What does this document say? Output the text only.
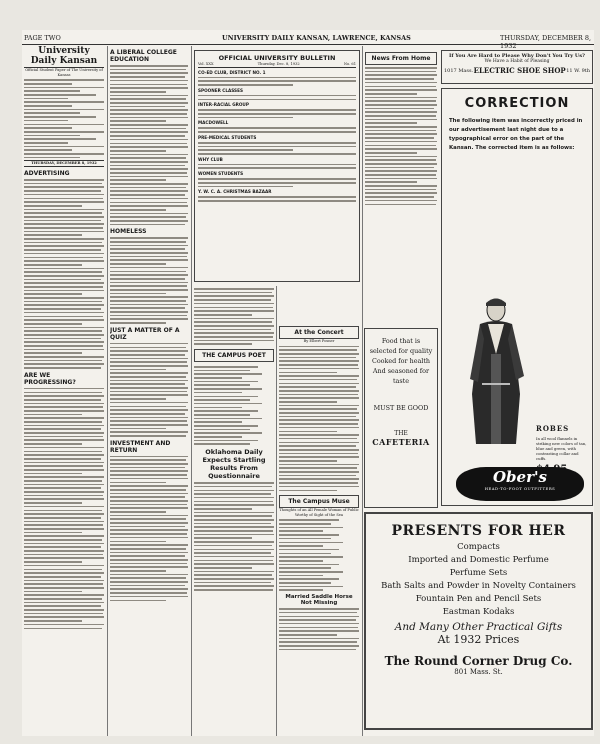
PAGE TWO	UNIVERSITY DAILY KANSAN, LAWRENCE, KANSAS	THURSDAY, DECEMBER 8, 1932
University Daily Kansan
Official Student Paper of The University of Kansas
THURSDAY, DECEMBER 8, 1932
ADVERTISING
ARE WE PROGRESSING?
A LIBERAL COLLEGE EDUCATION
HOMELESS
JUST A MATTER OF A QUIZ
INVESTMENT AND RETURN
OFFICIAL UNIVERSITY BULLETIN
Vol. XXX	Thursday, Dec. 8, 1932	No. 61
CO-ED CLUB, DISTRICT NO. 1
SPOONER CLASSES
INTER-RACIAL GROUP
MACDOWELL
PRE-MEDICAL STUDENTS
WHY CLUB
WOMEN STUDENTS
Y. W. C. A. CHRISTMAS BAZAAR
THE CAMPUS POET
Oklahoma Daily Expects Startling Results From Questionnaire
At the Concert
By Elbert Posner
The Campus Muse
Thoughts of an All Female Woman of Public Worthy of Sight of the Sea
Married Saddle Horse Not Missing
News From Home
Food that is selected for quality Cooked for health And seasoned for taste
MUST BE GOOD
THE
CAFETERIA
If You Are Hard to Please Why Don't You Try Us?
We Have a Habit of Pleasing
1017 Mass. ELECTRIC SHOE SHOP 11 W. 9th
CORRECTION
The following item was incorrectly priced in our advertisement last night due to a typographical error on the part of the Kansan. The corrected item is as follows:
ROBES
In all wool flannels in striking new colors of tan, blue and green, with contrasting collar and cuffs.
Ober's
HEAD-TO-FOOT OUTFITTERS
PRESENTS FOR HER
Compacts
Imported and Domestic Perfume
Perfume Sets
Bath Salts and Powder in Novelty Containers
Fountain Pen and Pencil Sets
Eastman Kodaks
And Many Other Practical Gifts
At 1932 Prices
The Round Corner Drug Co.
801 Mass. St.
